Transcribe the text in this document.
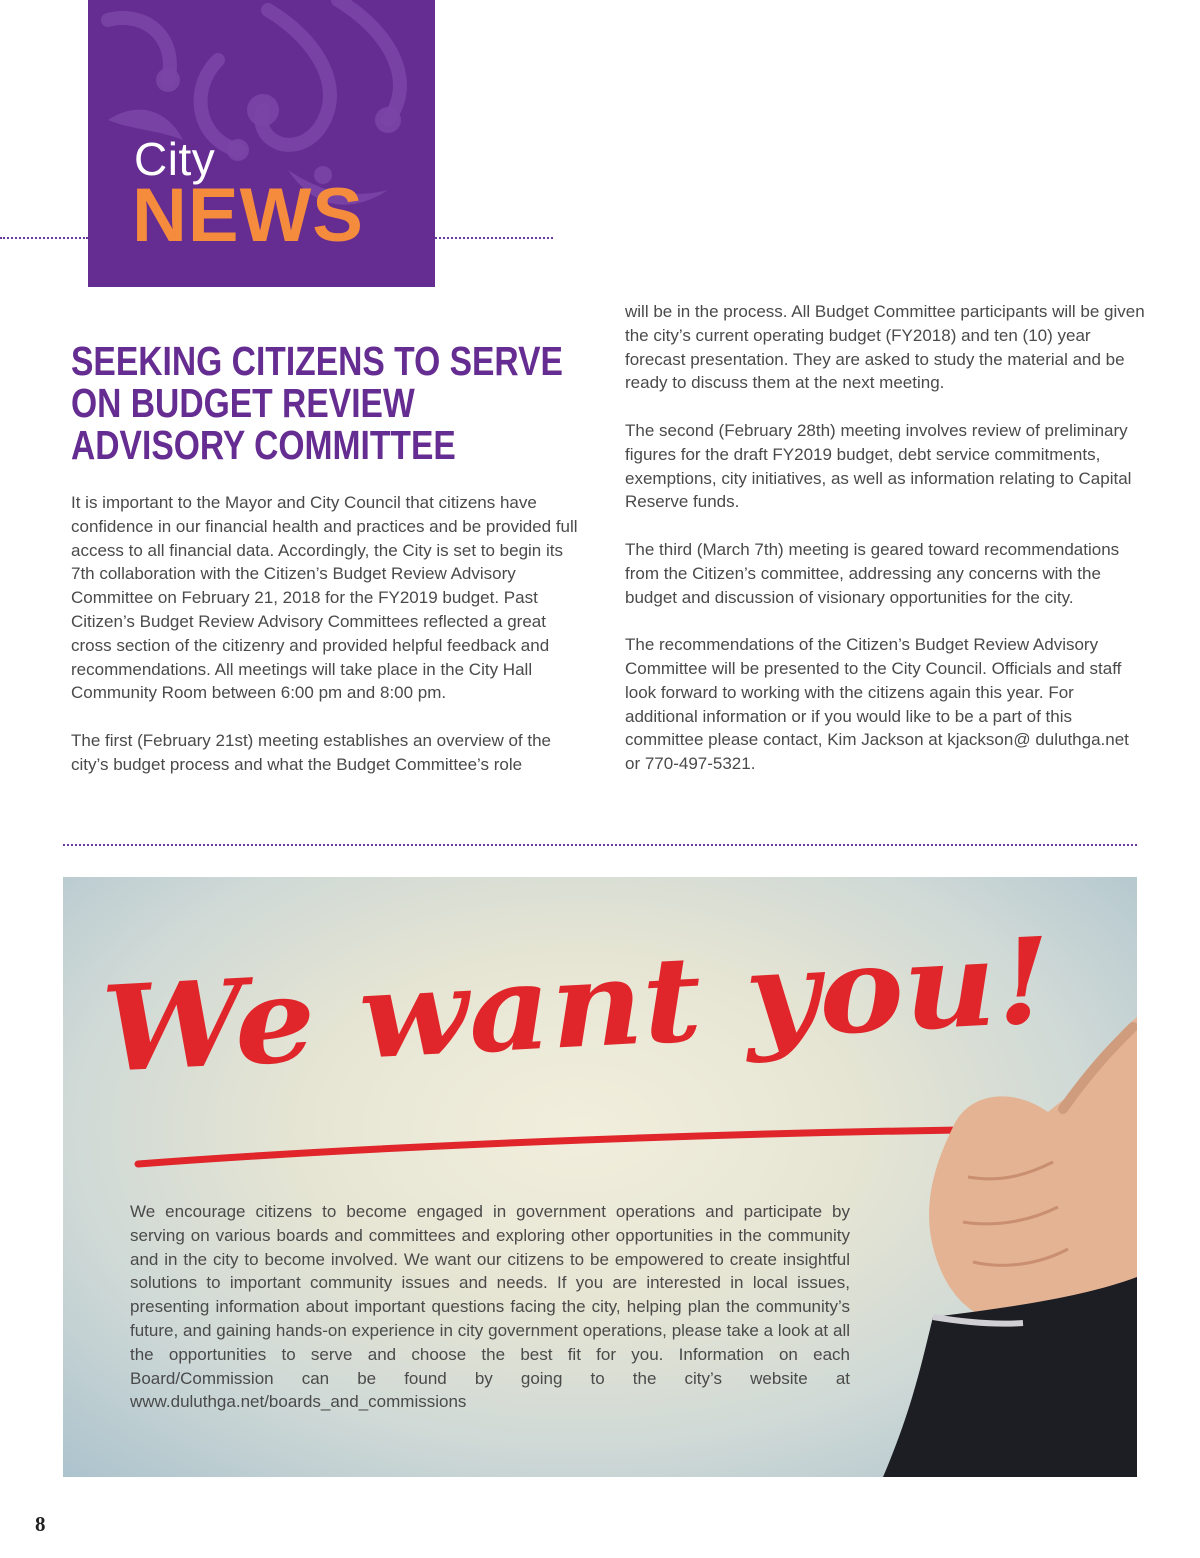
City
NEWS
SEEKING CITIZENS TO SERVE ON BUDGET REVIEW ADVISORY COMMITTEE

It is important to the Mayor and City Council that citizens have confidence in our financial health and practices and be provided full access to all financial data. Accordingly, the City is set to begin its 7th collaboration with the Citizen’s Budget Review Advisory Committee on February 21, 2018 for the FY2019 budget. Past Citizen’s Budget Review Advisory Committees reflected a great cross section of the citizenry and provided helpful feedback and recommendations. All meetings will take place in the City Hall Community Room between 6:00 pm and 8:00 pm.

The first (February 21st) meeting establishes an overview of the city’s budget process and what the Budget Committee’s role

will be in the process. All Budget Committee participants will be given the city’s current operating budget (FY2018) and ten (10) year forecast presentation. They are asked to study the material and be ready to discuss them at the next meeting.

The second (February 28th) meeting involves review of preliminary figures for the draft FY2019 budget, debt service commitments, exemptions, city initiatives, as well as information relating to Capital Reserve funds.

The third (March 7th) meeting is geared toward recommendations from the Citizen’s committee, addressing any concerns with the budget and discussion of visionary opportunities for the city.

The recommendations of the Citizen’s Budget Review Advisory Committee will be presented to the City Council. Officials and staff look forward to working with the citizens again this year. For additional information or if you would like to be a part of this committee please contact, Kim Jackson at kjackson@ duluthga.net or 770-497-5321.

We want you!

We encourage citizens to become engaged in government operations and participate by serving on various boards and committees and exploring other opportunities in the community and in the city to become involved. We want our citizens to be empowered to create insightful solutions to important community issues and needs. If you are interested in local issues, presenting information about important questions facing the city, helping plan the community’s future, and gaining hands-on experience in city government operations, please take a look at all the opportunities to serve and choose the best fit for you. Information on each Board/Commission can be found by going to the city’s website at www.duluthga.net/boards_and_commissions

8
